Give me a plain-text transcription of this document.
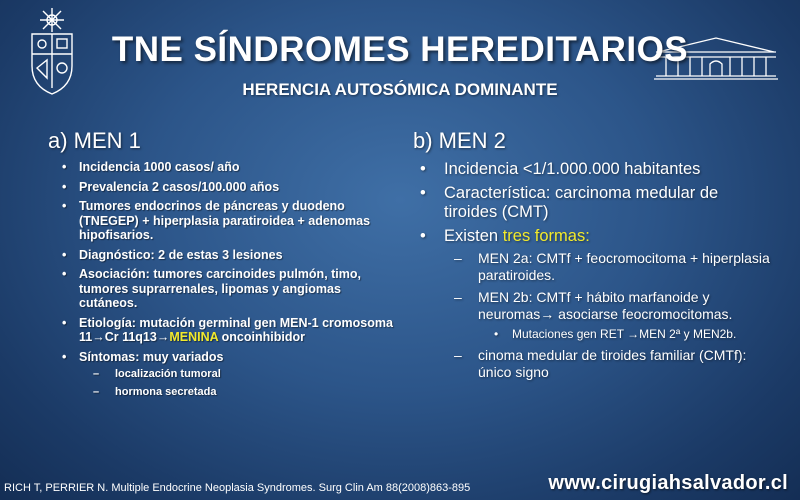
TNE SÍNDROMES HEREDITARIOS
HERENCIA AUTOSÓMICA DOMINANTE
a) MEN 1
• Incidencia 1000 casos/ año
• Prevalencia 2 casos/100.000 años
• Tumores endocrinos de páncreas y duodeno (TNEGEP) + hiperplasia paratiroidea + adenomas hipofisarios.
• Diagnóstico: 2 de estas 3 lesiones
• Asociación: tumores carcinoides pulmón, timo, tumores suprarrenales, lipomas y angiomas cutáneos.
• Etiología: mutación germinal gen MEN-1 cromosoma 11→Cr 11q13→MENINA oncoinhibidor
• Síntomas: muy variados
– localización tumoral
– hormona secretada
b) MEN 2
• Incidencia <1/1.000.000 habitantes
• Característica: carcinoma medular de tiroides (CMT)
• Existen tres formas:
– MEN 2a: CMTf + feocromocitoma + hiperplasia paratiroides.
– MEN 2b: CMTf + hábito marfanoide y neuromas→ asociarse feocromocitomas.
• Mutaciones gen RET →MEN 2ª y MEN2b.
– cinoma medular de tiroides familiar (CMTf): único signo
RICH T, PERRIER N. Multiple Endocrine Neoplasia Syndromes. Surg Clin Am 88(2008)863-895	www.cirugiahsalvador.cl
